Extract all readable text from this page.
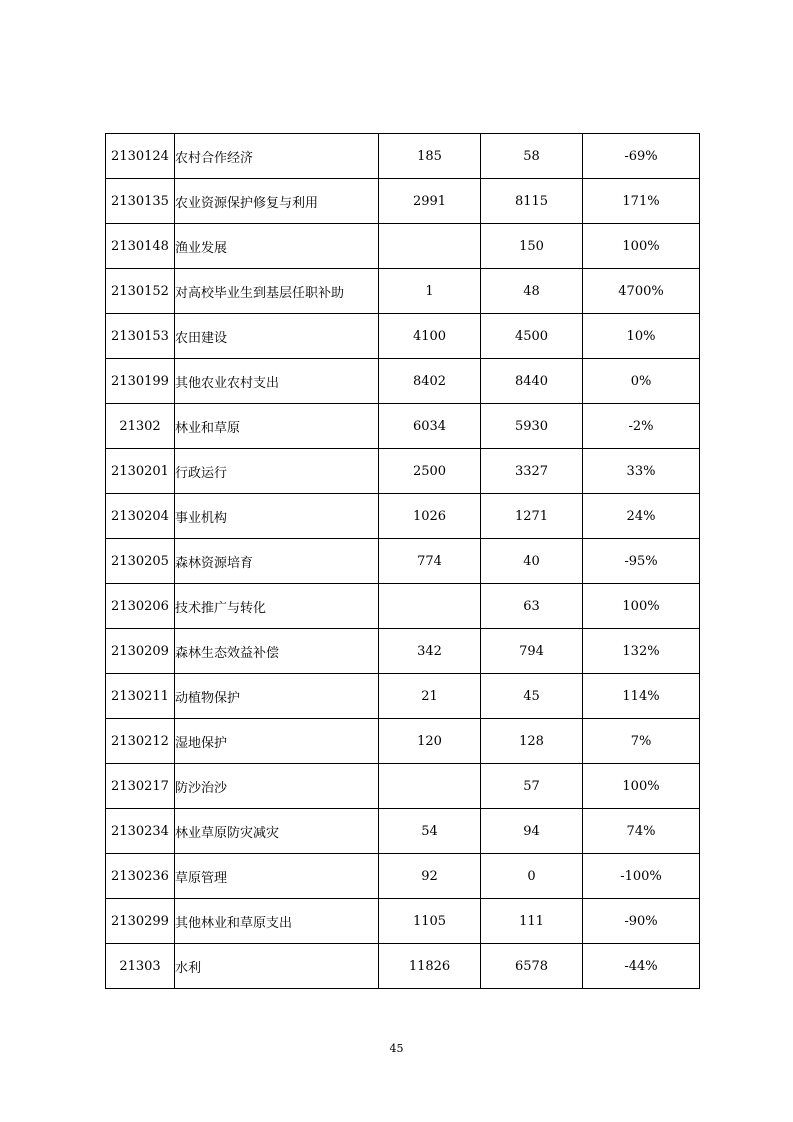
2130124	农村合作经济	185	58	-69%
2130135	农业资源保护修复与利用	2991	8115	171%
2130148	渔业发展		150	100%
2130152	对高校毕业生到基层任职补助	1	48	4700%
2130153	农田建设	4100	4500	10%
2130199	其他农业农村支出	8402	8440	0%
21302	林业和草原	6034	5930	-2%
2130201	行政运行	2500	3327	33%
2130204	事业机构	1026	1271	24%
2130205	森林资源培育	774	40	-95%
2130206	技术推广与转化		63	100%
2130209	森林生态效益补偿	342	794	132%
2130211	动植物保护	21	45	114%
2130212	湿地保护	120	128	7%
2130217	防沙治沙		57	100%
2130234	林业草原防灾减灾	54	94	74%
2130236	草原管理	92	0	-100%
2130299	其他林业和草原支出	1105	111	-90%
21303	水利	11826	6578	-44%
45
